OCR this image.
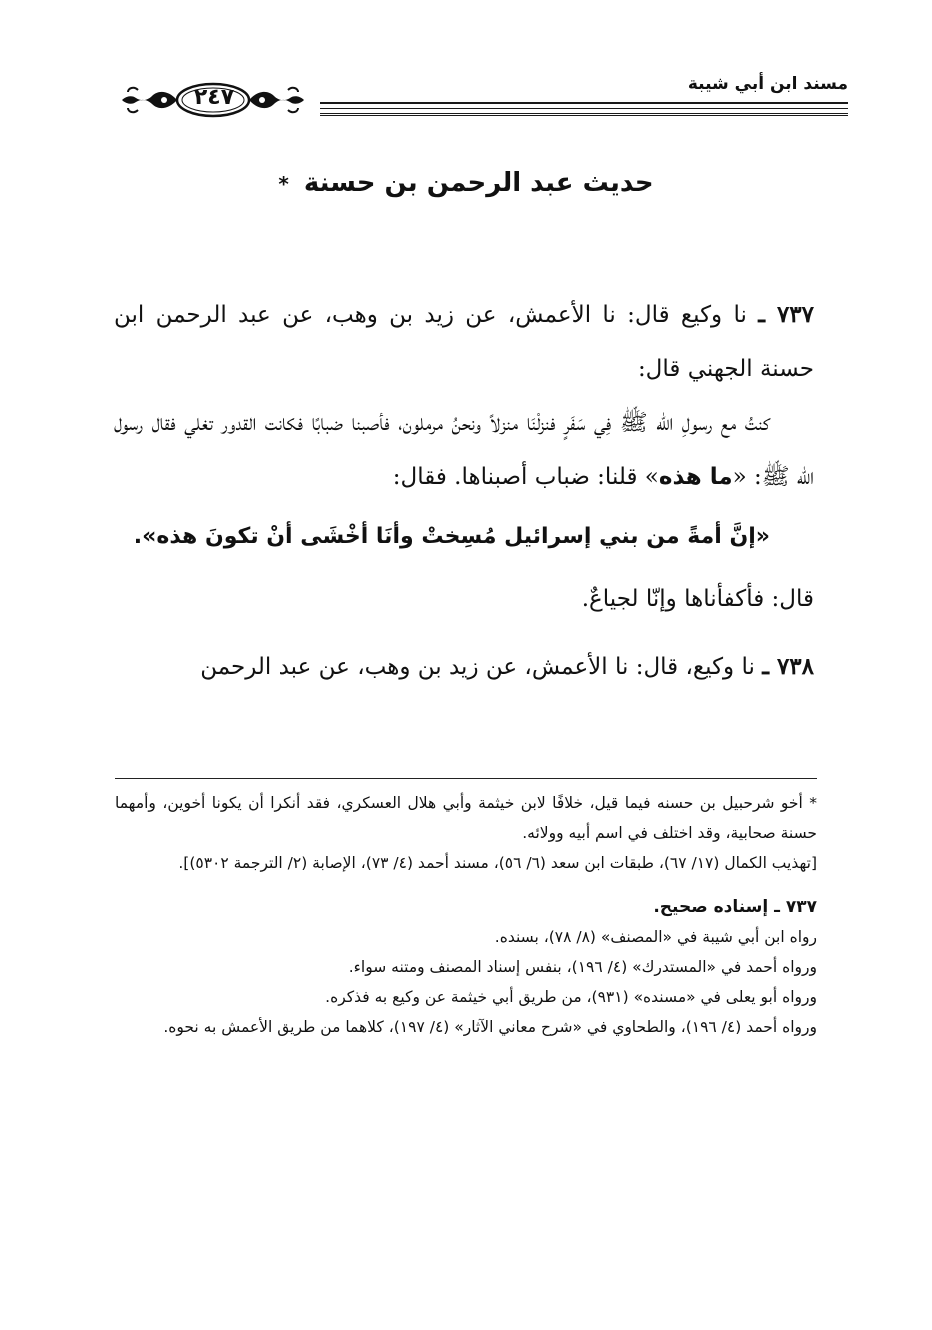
مسند ابن أبي شيبة
٢٤٧
حديث عبد الرحمن بن حسنة *

٧٣٧ ـ نا وكيع قال: نا الأعمش، عن زيد بن وهب، عن عبد الرحمن ابن حسنة الجهني قال:

كنتُ مع رسولِ الله ﷺ فِي سَفَرٍ فنزلْنَا منزلاً ونحنُ مرملون، فأصبنا ضبابًا فكانت القدور تغلي فقال رسول الله ﷺ: «ما هذه» قلنا: ضباب أصبناها. فقال:

«إنَّ أمةً من بني إسرائيل مُسِختْ وأنَا أخْشَى أنْ تكونَ هذه».

قال: فأكفأناها وإنّا لجياعٌ.

٧٣٨ ـ نا وكيع، قال: نا الأعمش، عن زيد بن وهب، عن عبد الرحمن

* أخو شرحبيل بن حسنه فيما قيل، خلافًا لابن خيثمة وأبي هلال العسكري، فقد أنكرا أن يكونا أخوين، وأمهما حسنة صحابية، وقد اختلف في اسم أبيه وولائه.

[تهذيب الكمال (١٧/ ٦٧)، طبقات ابن سعد (٦/ ٥٦)، مسند أحمد (٤/ ٧٣)، الإصابة (٢/ الترجمة ٥٣٠٢)].

٧٣٧ ـ إسناده صحيح.

رواه ابن أبي شيبة في «المصنف» (٨/ ٧٨)، بسنده.

ورواه أحمد في «المستدرك» (٤/ ١٩٦)، بنفس إسناد المصنف ومتنه سواء.

ورواه أبو يعلى في «مسنده» (٩٣١)، من طريق أبي خيثمة عن وكيع به فذكره.

ورواه أحمد (٤/ ١٩٦)، والطحاوي في «شرح معاني الآثار» (٤/ ١٩٧)، كلاهما من طريق الأعمش به نحوه.
